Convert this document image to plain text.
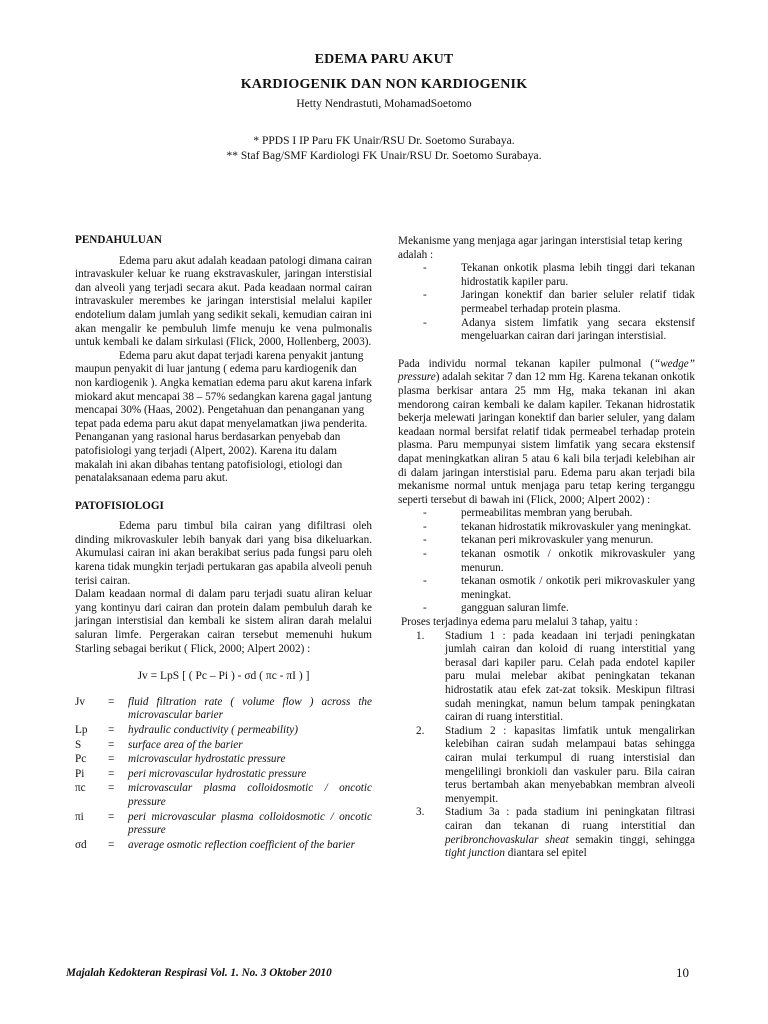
EDEMA PARU AKUT
KARDIOGENIK DAN NON KARDIOGENIK
Hetty Nendrastuti, MohamadSoetomo
* PPDS I IP Paru FK Unair/RSU Dr. Soetomo Surabaya.
** Staf Bag/SMF Kardiologi FK Unair/RSU Dr. Soetomo Surabaya.
PENDAHULUAN

Edema paru akut adalah keadaan patologi dimana cairan intravaskuler keluar ke ruang ekstravaskuler, jaringan interstisial dan alveoli yang terjadi secara akut. Pada keadaan normal cairan intravaskuler merembes ke jaringan interstisial melalui kapiler endotelium dalam jumlah yang sedikit sekali, kemudian cairan ini akan mengalir ke pembuluh limfe menuju ke vena pulmonalis untuk kembali ke dalam sirkulasi (Flick, 2000, Hollenberg, 2003).

Edema paru akut dapat terjadi karena penyakit jantung maupun penyakit di luar jantung ( edema paru kardiogenik dan non kardiogenik ). Angka kematian edema paru akut karena infark miokard akut mencapai 38 – 57% sedangkan karena gagal jantung mencapai 30% (Haas, 2002). Pengetahuan dan penanganan yang tepat pada edema paru akut dapat menyelamatkan jiwa penderita. Penanganan yang rasional harus berdasarkan penyebab dan patofisiologi yang terjadi (Alpert, 2002). Karena itu dalam makalah ini akan dibahas tentang patofisiologi, etiologi dan penatalaksanaan edema paru akut.

PATOFISIOLOGI

Edema paru timbul bila cairan yang difiltrasi oleh dinding mikrovaskuler lebih banyak dari yang bisa dikeluarkan. Akumulasi cairan ini akan berakibat serius pada fungsi paru oleh karena tidak mungkin terjadi pertukaran gas apabila alveoli penuh terisi cairan.

Dalam keadaan normal di dalam paru terjadi suatu aliran keluar yang kontinyu dari cairan dan protein dalam pembuluh darah ke jaringan interstisial dan kembali ke sistem aliran darah melalui saluran limfe. Pergerakan cairan tersebut memenuhi hukum Starling sebagai berikut ( Flick, 2000; Alpert 2002) :

Jv = LpS [ ( Pc – Pi ) - σd ( πc - πI ) ]
Jv	=	fluid filtration rate ( volume flow ) across the microvascular barier
Lp	=	hydraulic conductivity ( permeability)
S	=	surface area of the barier
Pc	=	microvascular hydrostatic pressure
Pi	=	peri microvascular hydrostatic pressure
πc	=	microvascular plasma colloidosmotic / oncotic pressure
πi	=	peri microvascular plasma colloidosmotic / oncotic pressure
σd	=	average osmotic reflection coefficient of the barier

Mekanisme yang menjaga agar jaringan interstisial tetap kering adalah :

-	Tekanan onkotik plasma lebih tinggi dari tekanan hidrostatik kapiler paru.
-	Jaringan konektif dan barier seluler relatif tidak permeabel terhadap protein plasma.
-	Adanya sistem limfatik yang secara ekstensif mengeluarkan cairan dari jaringan interstisial.

Pada individu normal tekanan kapiler pulmonal (“wedge” pressure) adalah sekitar 7 dan 12 mm Hg. Karena tekanan onkotik plasma berkisar antara 25 mm Hg, maka tekanan ini akan mendorong cairan kembali ke dalam kapiler. Tekanan hidrostatik bekerja melewati jaringan konektif dan barier seluler, yang dalam keadaan normal bersifat relatif tidak permeabel terhadap protein plasma. Paru mempunyai sistem limfatik yang secara ekstensif dapat meningkatkan aliran 5 atau 6 kali bila terjadi kelebihan air di dalam jaringan interstisial paru. Edema paru akan terjadi bila mekanisme normal untuk menjaga paru tetap kering terganggu seperti tersebut di bawah ini (Flick, 2000; Alpert 2002) :

-	permeabilitas membran yang berubah.
-	tekanan hidrostatik mikrovaskuler yang meningkat.
-	tekanan peri mikrovaskuler yang menurun.
-	tekanan osmotik / onkotik mikrovaskuler yang menurun.
-	tekanan osmotik / onkotik peri mikrovaskuler yang meningkat.
-	gangguan saluran limfe.

Proses terjadinya edema paru melalui 3 tahap, yaitu :

1.	Stadium 1 : pada keadaan ini terjadi peningkatan jumlah cairan dan koloid di ruang interstitial yang berasal dari kapiler paru. Celah pada endotel kapiler paru mulai melebar akibat peningkatan tekanan hidrostatik atau efek zat-zat toksik. Meskipun filtrasi sudah meningkat, namun belum tampak peningkatan cairan di ruang interstitial.
2.	Stadium 2 : kapasitas limfatik untuk mengalirkan kelebihan cairan sudah melampaui batas sehingga cairan mulai terkumpul di ruang interstisial dan mengelilingi bronkioli dan vaskuler paru. Bila cairan terus bertambah akan menyebabkan membran alveoli menyempit.
3.	Stadium 3a : pada stadium ini peningkatan filtrasi cairan dan tekanan di ruang interstitial dan peribronchovaskular sheat semakin tinggi, sehingga tight junction diantara sel epitel
Majalah Kedokteran Respirasi Vol. 1. No. 3 Oktober 2010	10
